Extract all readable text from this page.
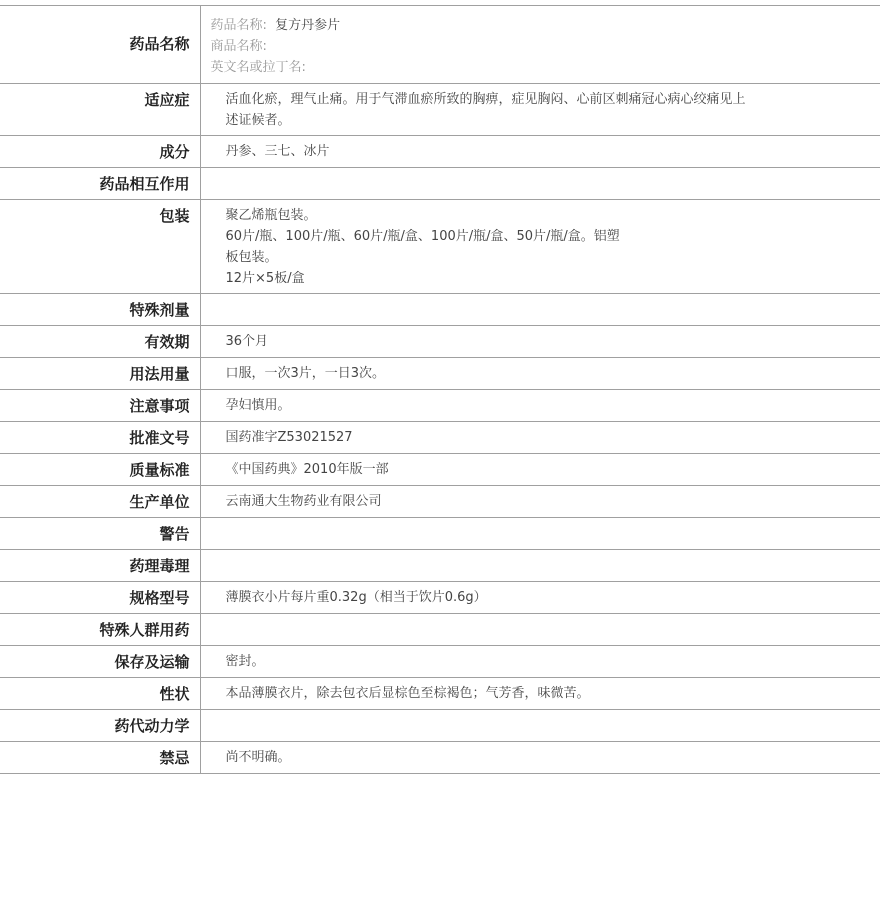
药品名称	药品名称: 复方丹参片
商品名称:
英文名或拉丁名:

适应症	活血化瘀，理气止痛。用于气滞血瘀所致的胸痹，症见胸闷、心前区刺痛冠心病心绞痛见上
述证候者。

成分	丹参、三七、冰片

药品相互作用	
包装	聚乙烯瓶包装。
60片/瓶、100片/瓶、60片/瓶/盒、100片/瓶/盒、50片/瓶/盒。铝塑
板包装。
12片×5板/盒

特殊剂量	
有效期	36个月

用法用量	口服，一次3片，一日3次。

注意事项	孕妇慎用。

批准文号	国药准字Z53021527

质量标准	《中国药典》2010年版一部

生产单位	云南通大生物药业有限公司

警告	
药理毒理	
规格型号	薄膜衣小片每片重0.32g（相当于饮片0.6g）

特殊人群用药	
保存及运输	密封。

性状	本品薄膜衣片，除去包衣后显棕色至棕褐色；气芳香，味微苦。

药代动力学	
禁忌	尚不明确。
